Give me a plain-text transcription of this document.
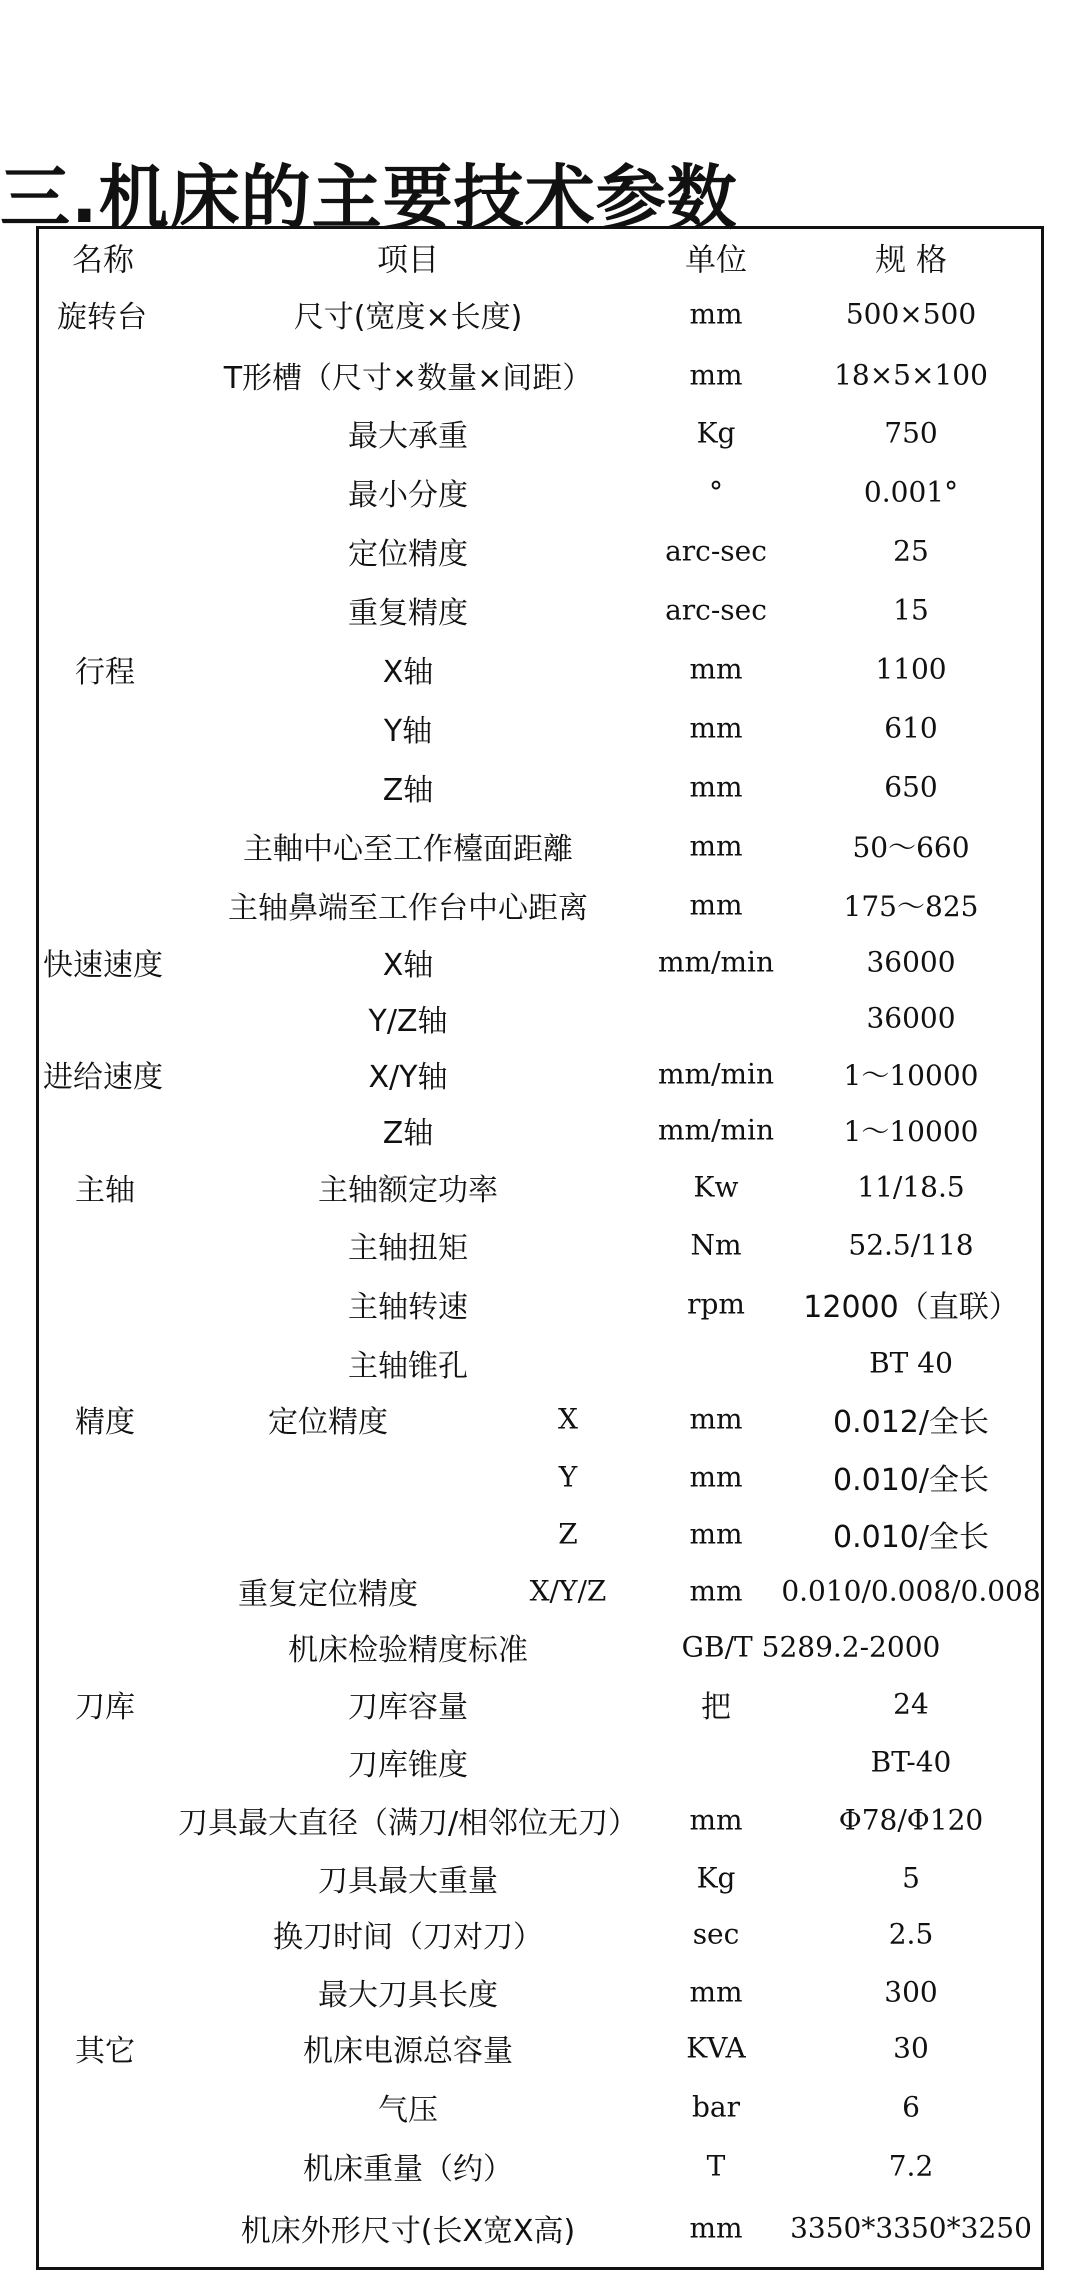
三.机床的主要技术参数
名称	项目	单位	规 格
旋转台	尺寸(宽度×长度)	mm	500×500
T形槽（尺寸×数量×间距）	mm	18×5×100
最大承重	Kg	750
最小分度	°	0.001°
定位精度	arc-sec	25
重复精度	arc-sec	15
行程	X轴	mm	1100
Y轴	mm	610
Z轴	mm	650
主軸中心至工作檯面距離	mm	50～660
主轴鼻端至工作台中心距离	mm	175～825
快速速度	X轴	mm/min	36000
Y/Z轴	36000
进给速度	X/Y轴	mm/min 1～10000
Z轴	mm/min 1～10000
主轴	主轴额定功率	Kw	11/18.5
主轴扭矩	Nm	52.5/118
主轴转速	rpm 12000（直联）
主轴锥孔	BT 40
精度	定位精度	X	mm	0.012/全长
Y	mm	0.010/全长
Z	mm	0.010/全长
重复定位精度	X/Y/Z	mm 0.010/0.008/0.008
机床检验精度标准	GB/T 5289.2-2000
刀库	刀库容量	把	24
刀库锥度	BT-40
刀具最大直径（满刀/相邻位无刀） mm	Φ78/Φ120
刀具最大重量	Kg	5
换刀时间（刀对刀）	sec	2.5
最大刀具长度	mm	300
其它	机床电源总容量	KVA	30
气压	bar	6
机床重量（约）	T	7.2
机床外形尺寸(长X宽X高)	mm 3350*3350*3250
